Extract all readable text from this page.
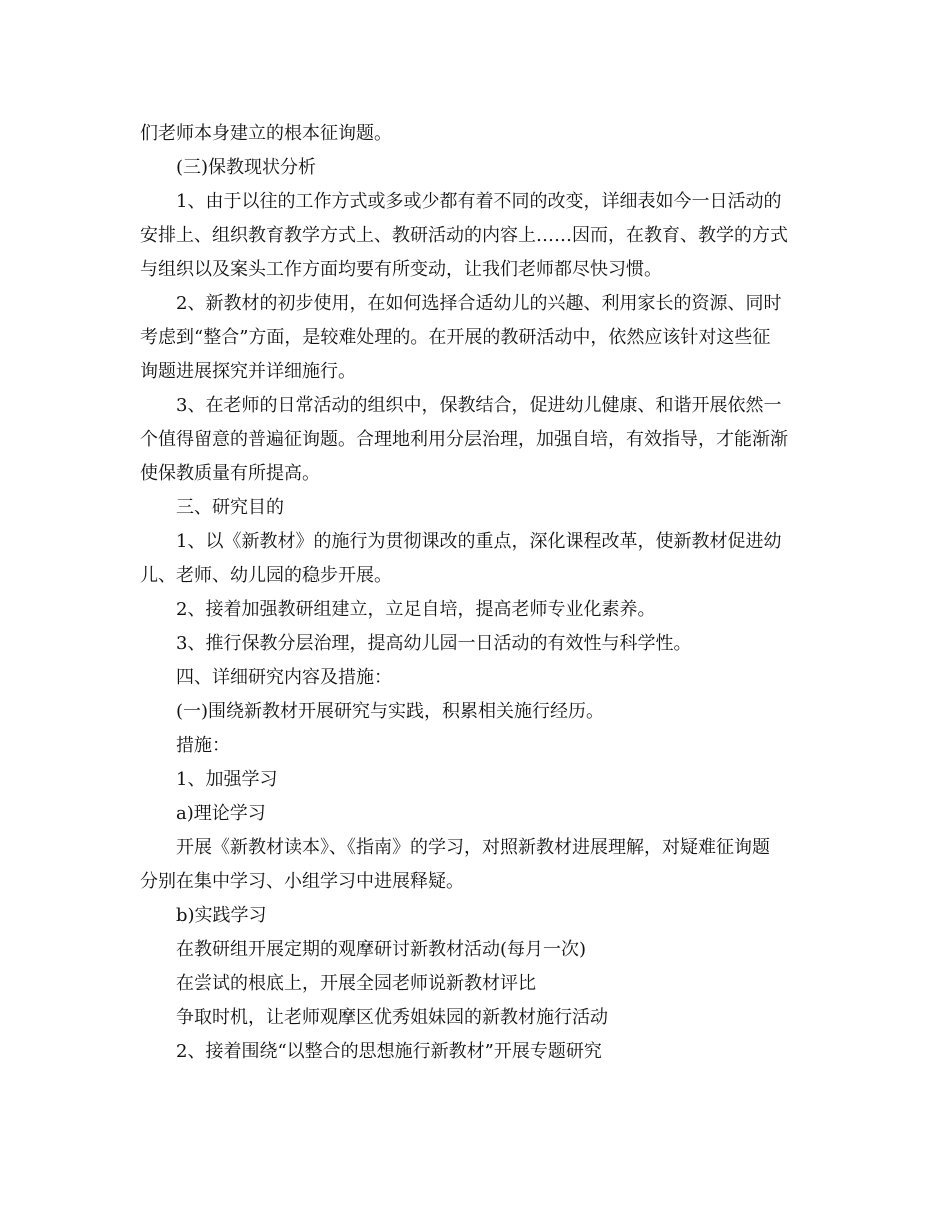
们老师本身建立的根本征询题。

(三)保教现状分析

1、由于以往的工作方式或多或少都有着不同的改变，详细表如今一日活动的
安排上、组织教育教学方式上、教研活动的内容上……因而，在教育、教学的方式
与组织以及案头工作方面均要有所变动，让我们老师都尽快习惯。

2、新教材的初步使用，在如何选择合适幼儿的兴趣、利用家长的资源、同时
考虑到“整合”方面，是较难处理的。在开展的教研活动中，依然应该针对这些征
询题进展探究并详细施行。

3、在老师的日常活动的组织中，保教结合，促进幼儿健康、和谐开展依然一
个值得留意的普遍征询题。合理地利用分层治理，加强自培，有效指导，才能渐渐
使保教质量有所提高。

三、研究目的

1、以《新教材》的施行为贯彻课改的重点，深化课程改革，使新教材促进幼
儿、老师、幼儿园的稳步开展。

2、接着加强教研组建立，立足自培，提高老师专业化素养。

3、推行保教分层治理，提高幼儿园一日活动的有效性与科学性。

四、详细研究内容及措施：

(一)围绕新教材开展研究与实践，积累相关施行经历。

措施：

1、加强学习

a)理论学习

开展《新教材读本》、《指南》的学习，对照新教材进展理解，对疑难征询题
分别在集中学习、小组学习中进展释疑。

b)实践学习

在教研组开展定期的观摩研讨新教材活动(每月一次)

在尝试的根底上，开展全园老师说新教材评比

争取时机，让老师观摩区优秀姐妹园的新教材施行活动

2、接着围绕“以整合的思想施行新教材”开展专题研究
